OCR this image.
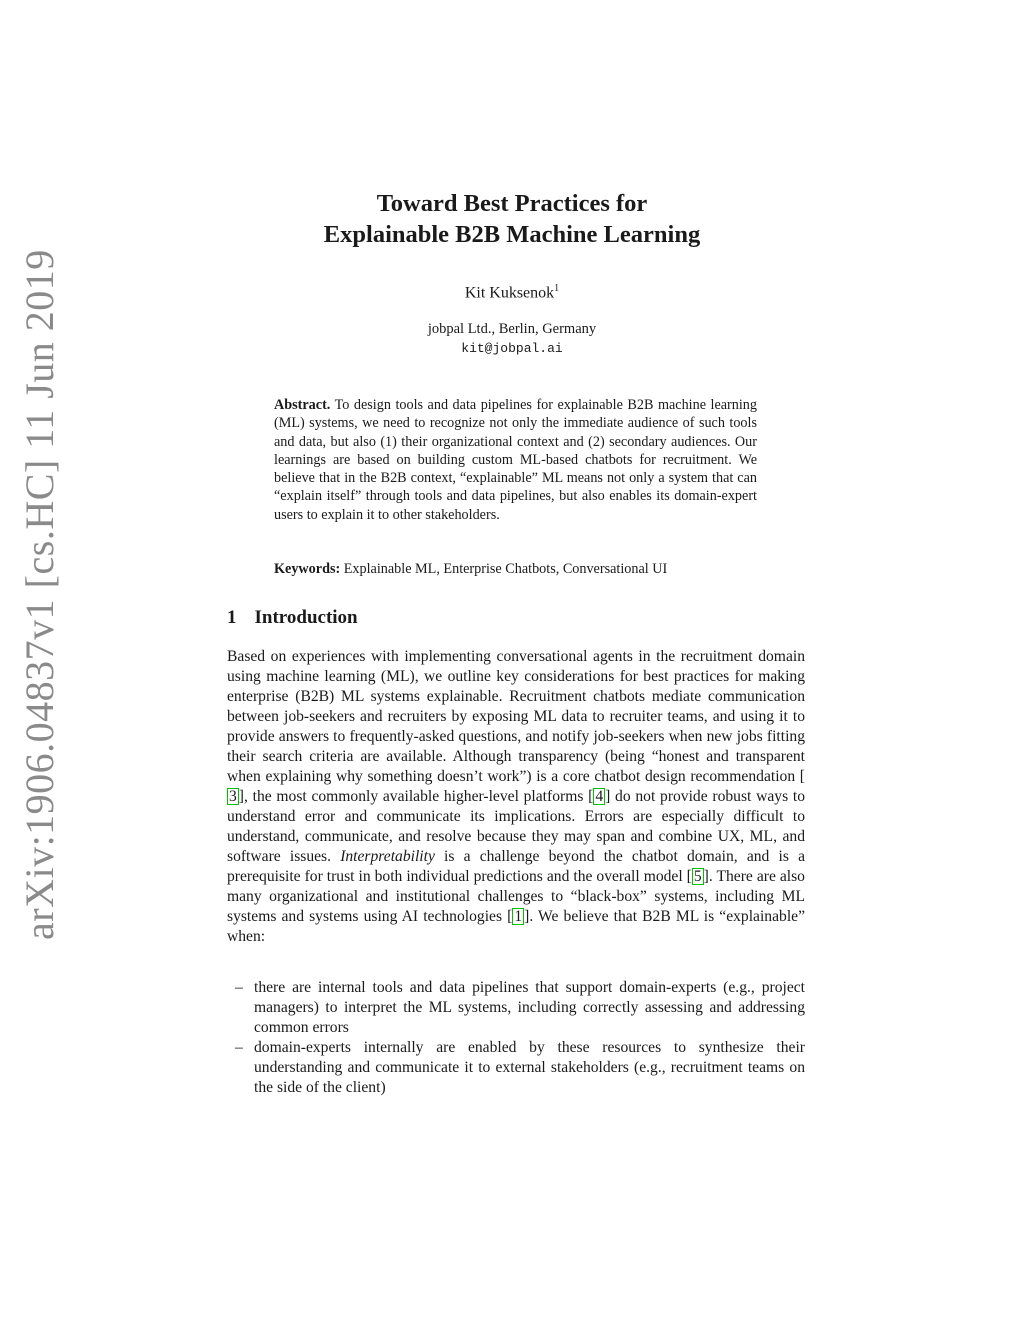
arXiv:1906.04837v1 [cs.HC] 11 Jun 2019
Toward Best Practices for
Explainable B2B Machine Learning
Kit Kuksenok$^1$
jobpal Ltd., Berlin, Germany
kit@jobpal.ai
Abstract. To design tools and data pipelines for explainable B2B machine learning (ML) systems, we need to recognize not only the immediate audience of such tools and data, but also (1) their organizational context and (2) secondary audiences. Our learnings are based on building custom ML-based chatbots for recruitment. We believe that in the B2B context, “explainable” ML means not only a system that can “explain itself” through tools and data pipelines, but also enables its domain-expert users to explain it to other stakeholders.
Keywords: Explainable ML, Enterprise Chatbots, Conversational UI
1 Introduction
Based on experiences with implementing conversational agents in the recruitment domain using machine learning (ML), we outline key considerations for best practices for making enterprise (B2B) ML systems explainable. Recruitment chatbots mediate communication between job-seekers and recruiters by exposing ML data to recruiter teams, and using it to provide answers to frequently-asked questions, and notify job-seekers when new jobs fitting their search criteria are available. Although transparency (being “honest and transparent when explaining why something doesn’t work”) is a core chatbot design recommendation [3 ], the most commonly available higher-level platforms [ 4 ] do not provide robust ways to understand error and communicate its implications. Errors are especially difficult to understand, communicate, and resolve because they may span and combine UX, ML, and software issues. Interpretability is a challenge beyond the chatbot domain, and is a prerequisite for trust in both individual predictions and the overall model [ 5 ]. There are also many organizational and institutional challenges to “black-box” systems, including ML systems and systems using AI technologies [ 1 ]. We believe that B2B ML is “explainable” when:
– there are internal tools and data pipelines that support domain-experts (e.g., project managers) to interpret the ML systems, including correctly assessing and addressing common errors
– domain-experts internally are enabled by these resources to synthesize their understanding and communicate it to external stakeholders (e.g., recruitment teams on the side of the client)
